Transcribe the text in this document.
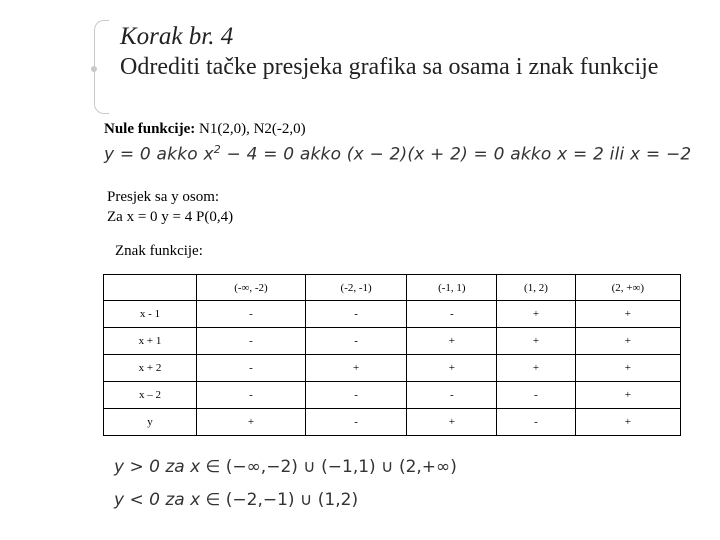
Korak br. 4
Odrediti tačke presjeka grafika sa osama i znak funkcije
Nule funkcije: N1(2,0), N2(-2,0)
y = 0 akko $x^2 - 4 = 0$ akko (x − 2)(x + 2) = 0 akko x = 2 ili x = −2
Presjek sa y osom:
Za x = 0 y = 4 P(0,4)
Znak funkcije:
	(-∞, -2)	(-2, -1)	(-1, 1)	(1, 2)	(2, +∞)
x - 1	-	-	-	+	+
x + 1	-	-	+	+	+
x + 2	-	+	+	+	+
x – 2	-	-	-	-	+
y	+	-	+	-	+
y > 0 za x ∈ (−∞,−2) ∪ (−1,1) ∪ (2,+∞)
y < 0 za x ∈ (−2,−1) ∪ (1,2)
